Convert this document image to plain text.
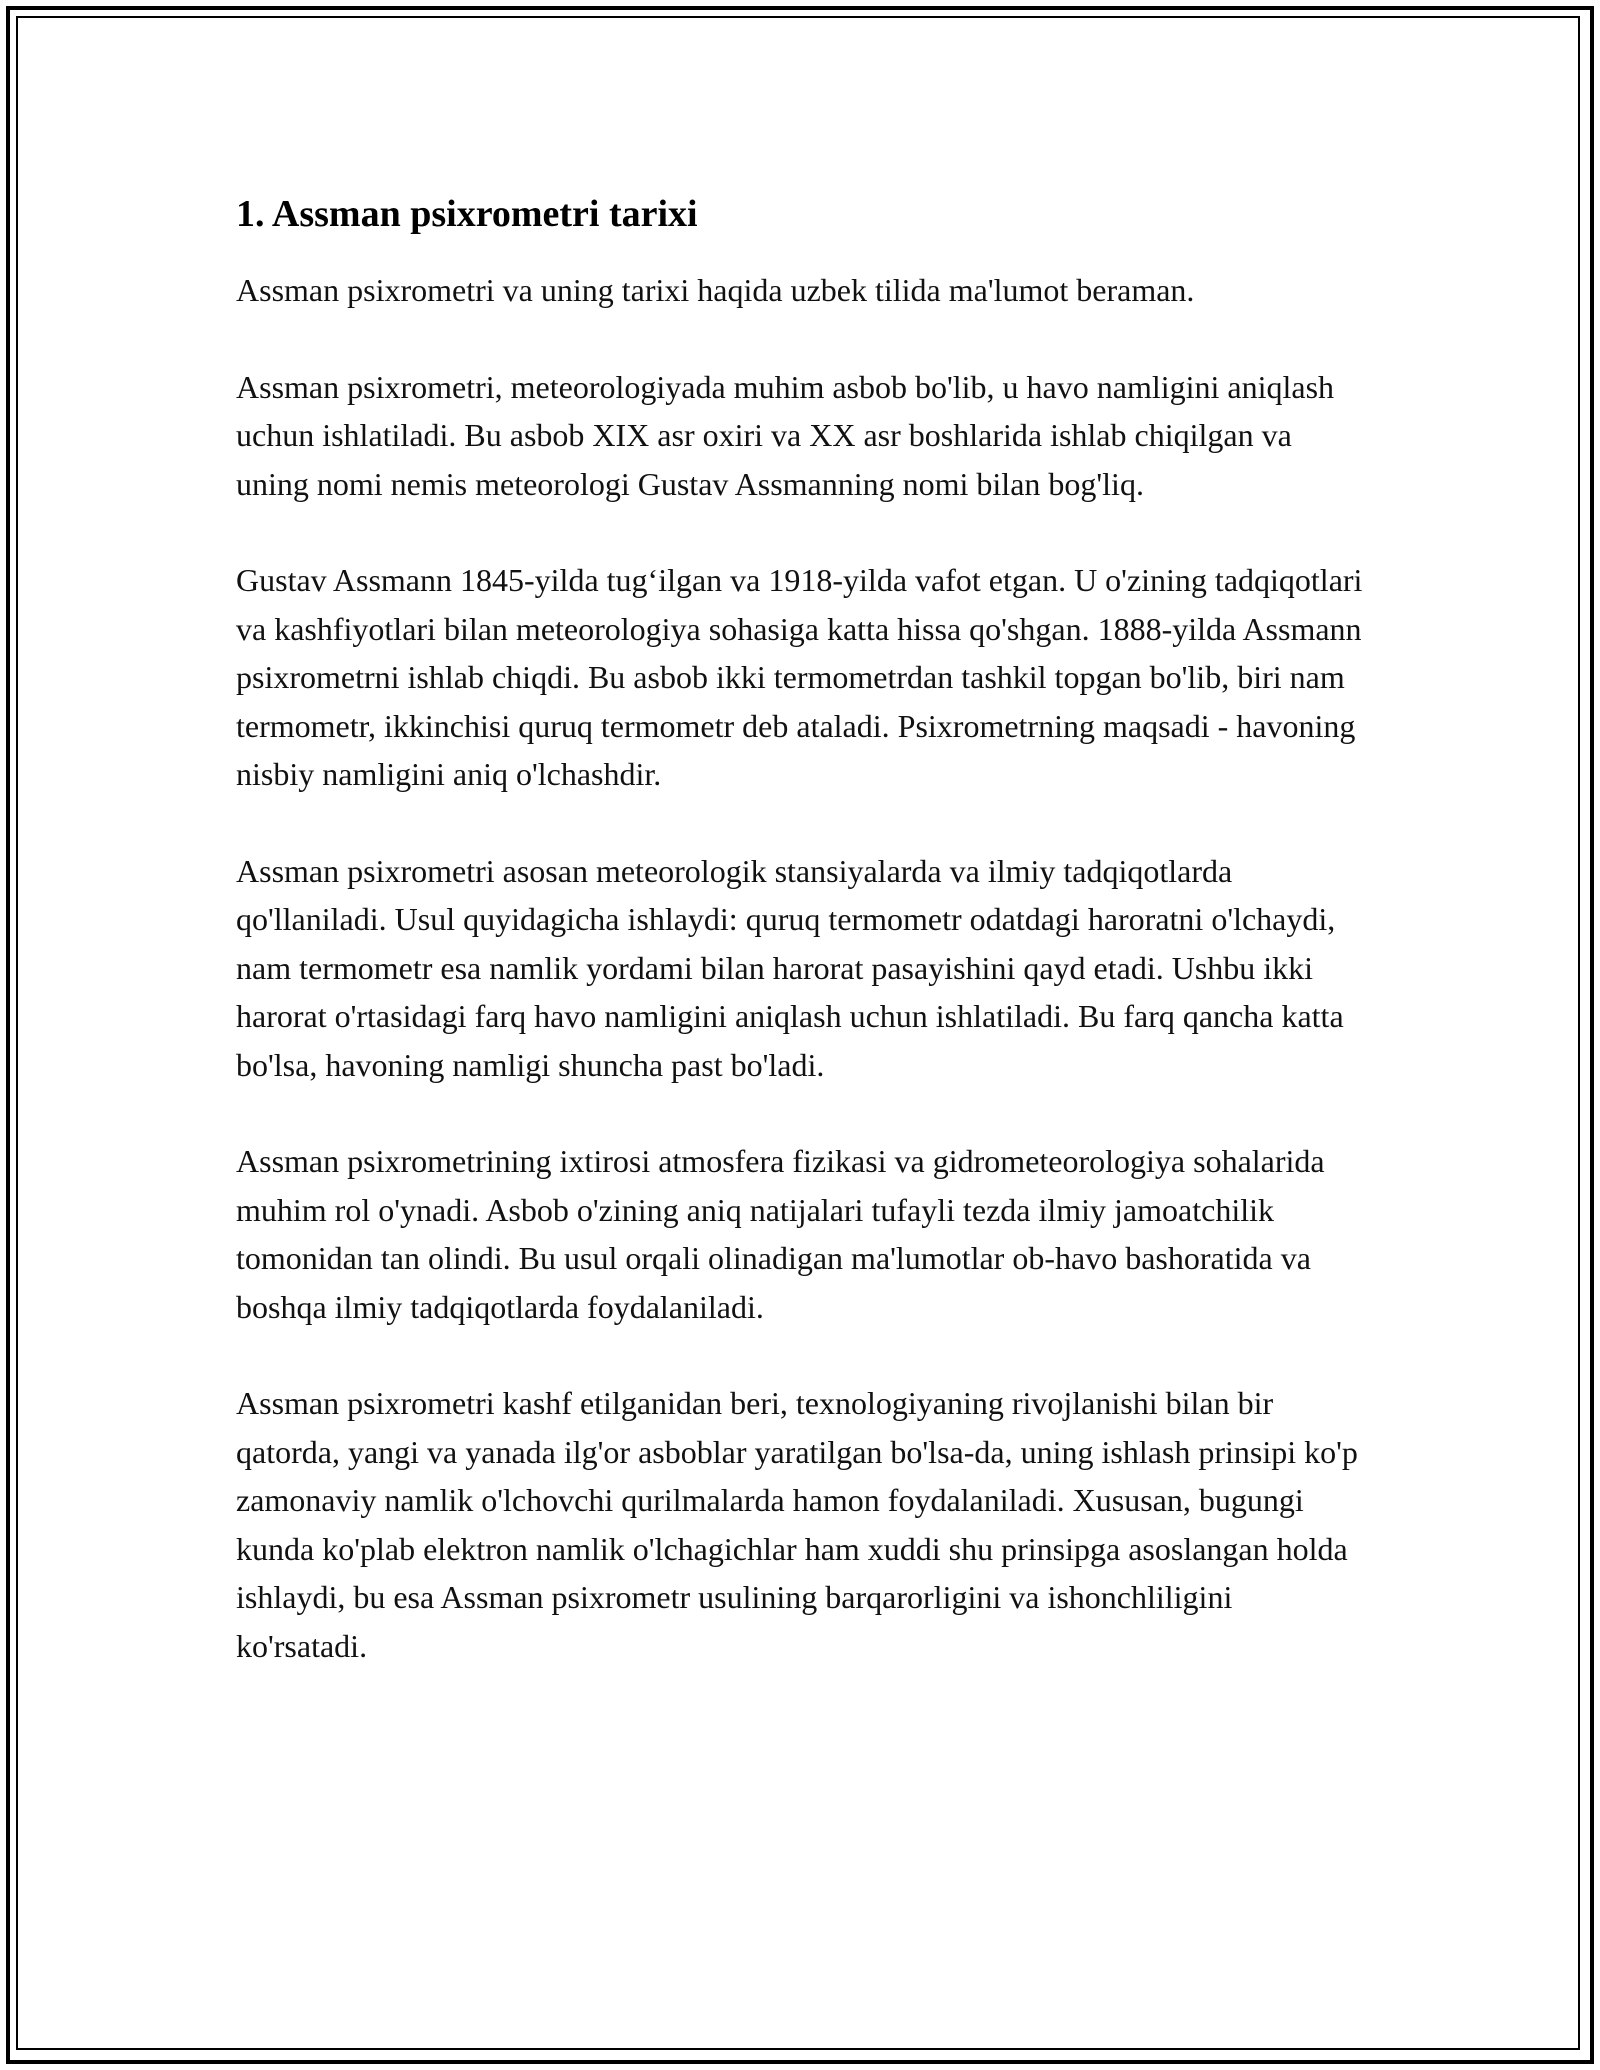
1. Assman psixrometri tarixi

Assman psixrometri va uning tarixi haqida uzbek tilida ma'lumot beraman.

Assman psixrometri, meteorologiyada muhim asbob bo'lib, u havo namligini aniqlash uchun ishlatiladi. Bu asbob XIX asr oxiri va XX asr boshlarida ishlab chiqilgan va uning nomi nemis meteorologi Gustav Assmanning nomi bilan bog'liq.

Gustav Assmann 1845-yilda tug‘ilgan va 1918-yilda vafot etgan. U o'zining tadqiqotlari va kashfiyotlari bilan meteorologiya sohasiga katta hissa qo'shgan. 1888-yilda Assmann psixrometrni ishlab chiqdi. Bu asbob ikki termometrdan tashkil topgan bo'lib, biri nam termometr, ikkinchisi quruq termometr deb ataladi. Psixrometrning maqsadi - havoning nisbiy namligini aniq o'lchashdir.

Assman psixrometri asosan meteorologik stansiyalarda va ilmiy tadqiqotlarda qo'llaniladi. Usul quyidagicha ishlaydi: quruq termometr odatdagi haroratni o'lchaydi, nam termometr esa namlik yordami bilan harorat pasayishini qayd etadi. Ushbu ikki harorat o'rtasidagi farq havo namligini aniqlash uchun ishlatiladi. Bu farq qancha katta bo'lsa, havoning namligi shuncha past bo'ladi.

Assman psixrometrining ixtirosi atmosfera fizikasi va gidrometeorologiya sohalarida muhim rol o'ynadi. Asbob o'zining aniq natijalari tufayli tezda ilmiy jamoatchilik tomonidan tan olindi. Bu usul orqali olinadigan ma'lumotlar ob-havo bashoratida va boshqa ilmiy tadqiqotlarda foydalaniladi.

Assman psixrometri kashf etilganidan beri, texnologiyaning rivojlanishi bilan bir qatorda, yangi va yanada ilg'or asboblar yaratilgan bo'lsa-da, uning ishlash prinsipi ko'p zamonaviy namlik o'lchovchi qurilmalarda hamon foydalaniladi. Xususan, bugungi kunda ko'plab elektron namlik o'lchagichlar ham xuddi shu prinsipga asoslangan holda ishlaydi, bu esa Assman psixrometr usulining barqarorligini va ishonchliligini ko'rsatadi.
